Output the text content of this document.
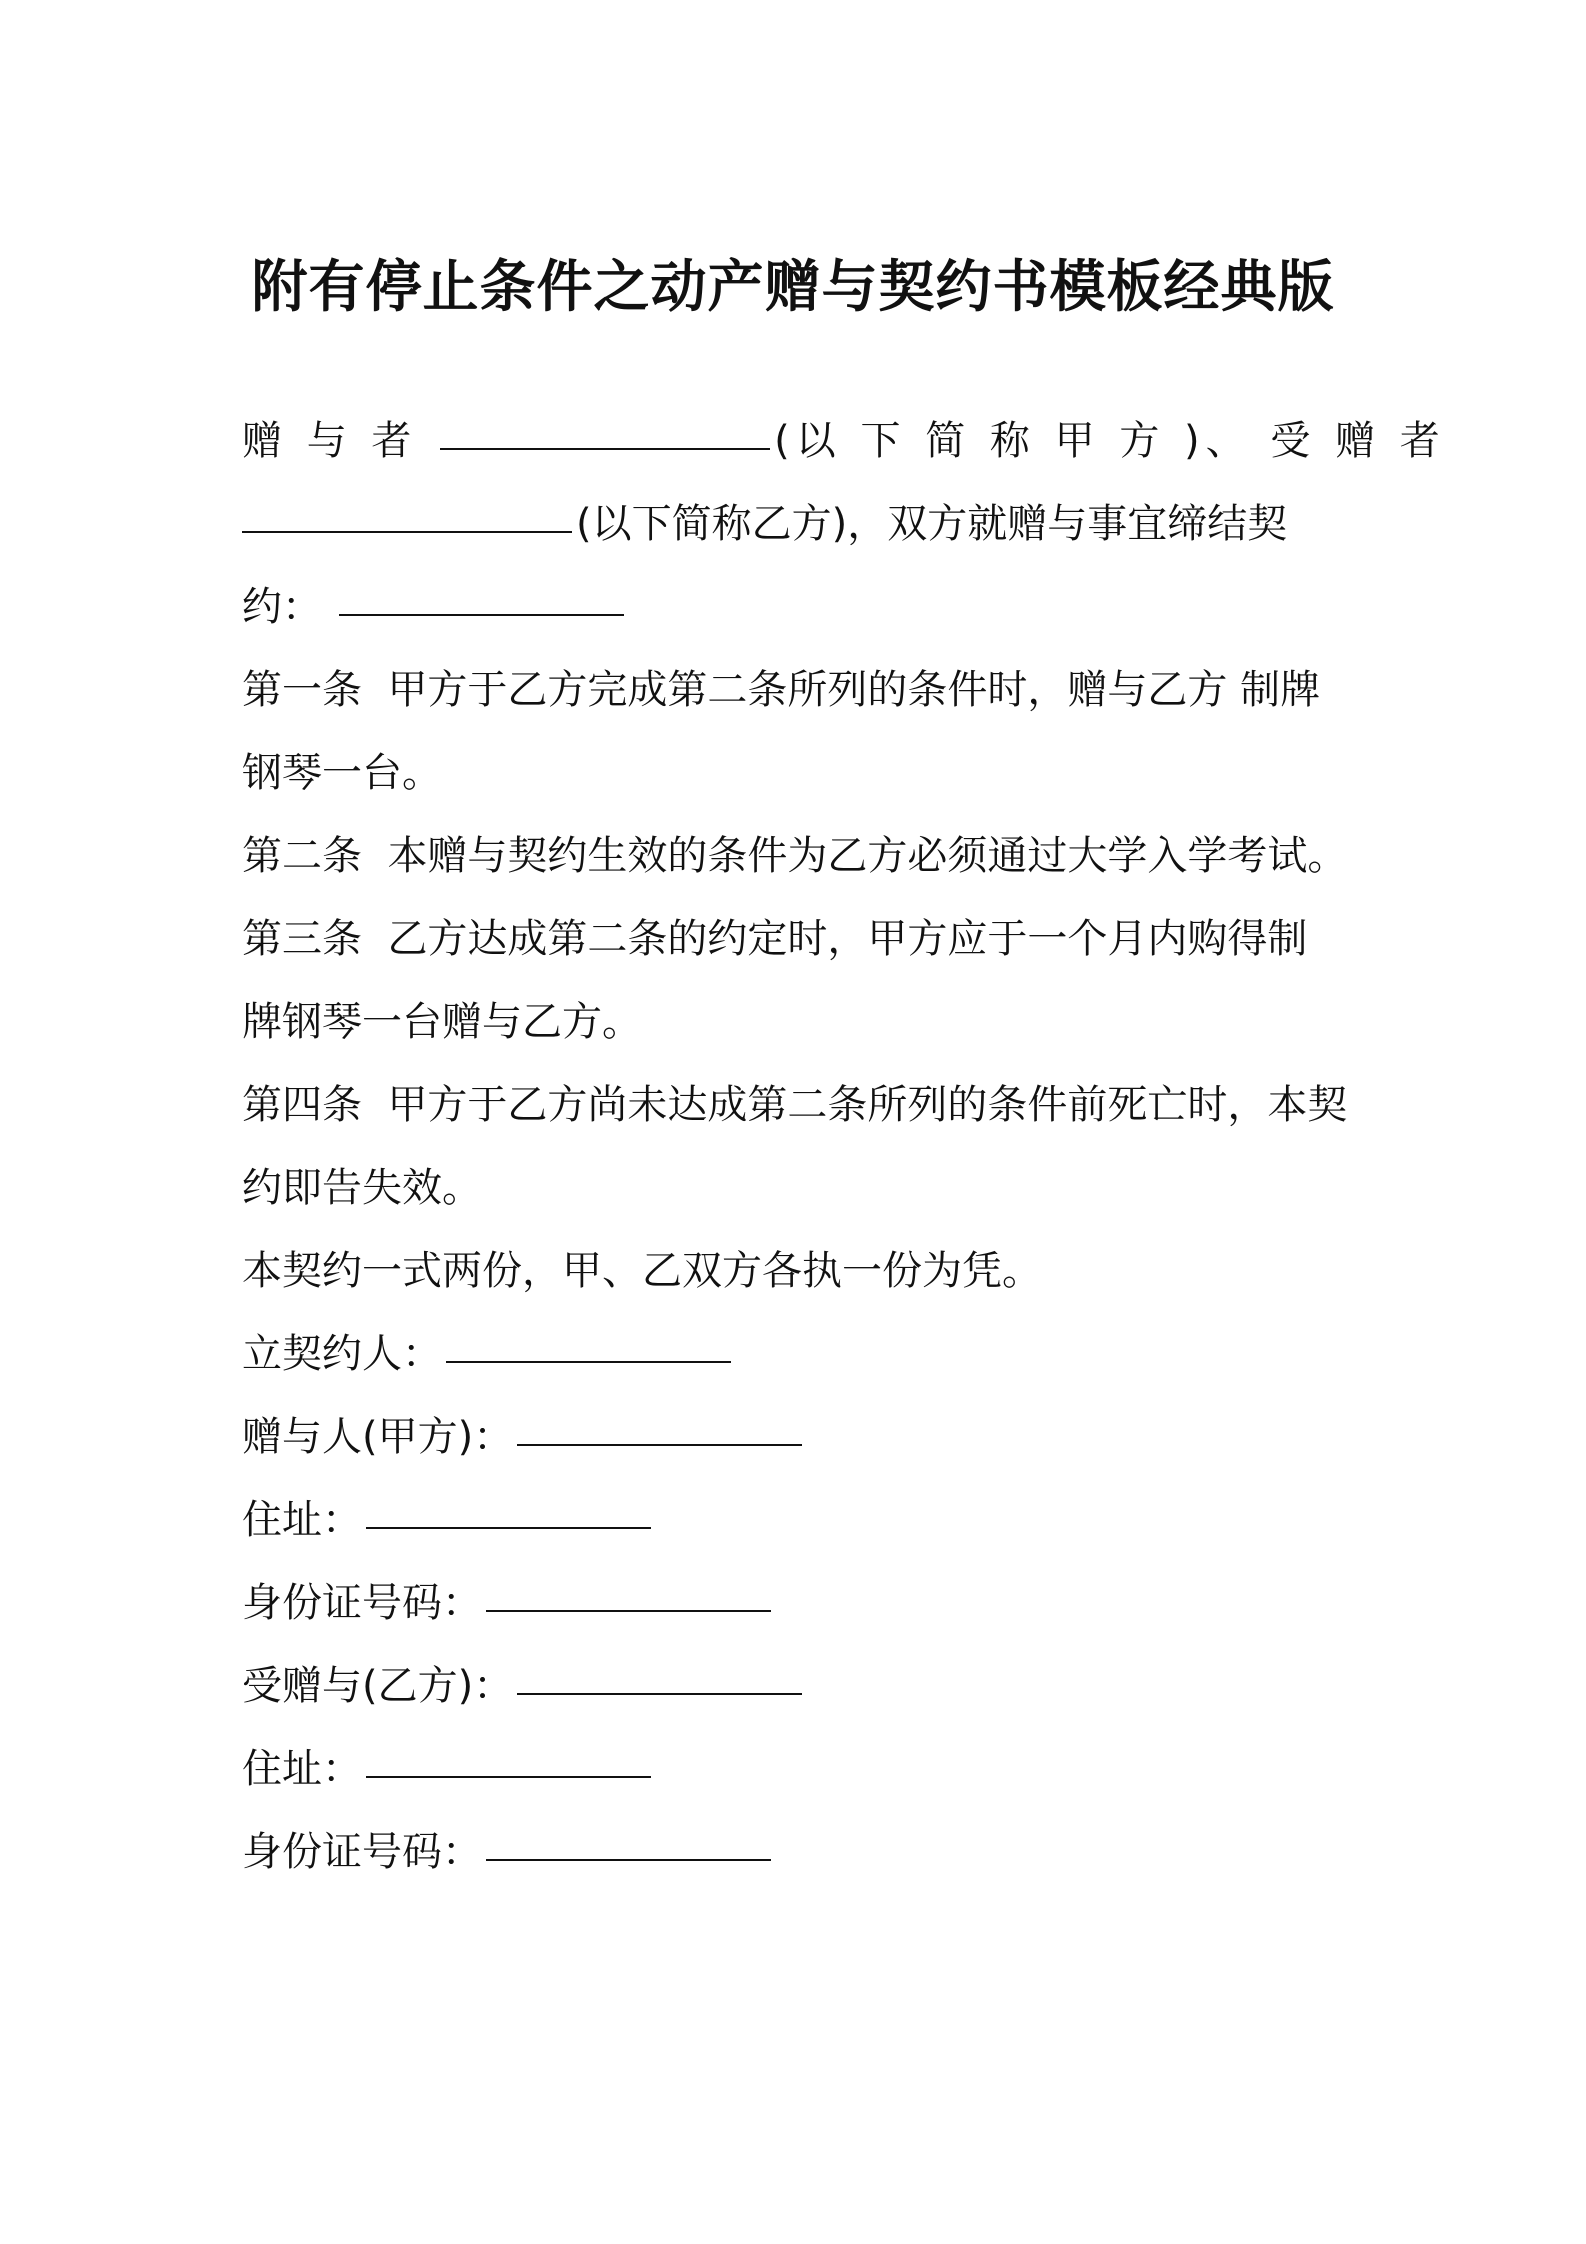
附有停止条件之动产赠与契约书模板经典版
赠 与 者	(以 下 简 称 甲 方 )、 受 赠 者
(以下简称乙方)，双方就赠与事宜缔结契
约：

第一条 甲方于乙方完成第二条所列的条件时，赠与乙方 制牌钢琴一台。

第二条 本赠与契约生效的条件为乙方必须通过大学入学考试。

第三条 乙方达成第二条的约定时，甲方应于一个月内购得制 牌钢琴一台赠与乙方。

第四条 甲方于乙方尚未达成第二条所列的条件前死亡时，本契约即告失效。

本契约一式两份，甲、乙双方各执一份为凭。

立契约人：

赠与人(甲方)：

住址：

身份证号码：

受赠与(乙方)：

住址：

身份证号码：
